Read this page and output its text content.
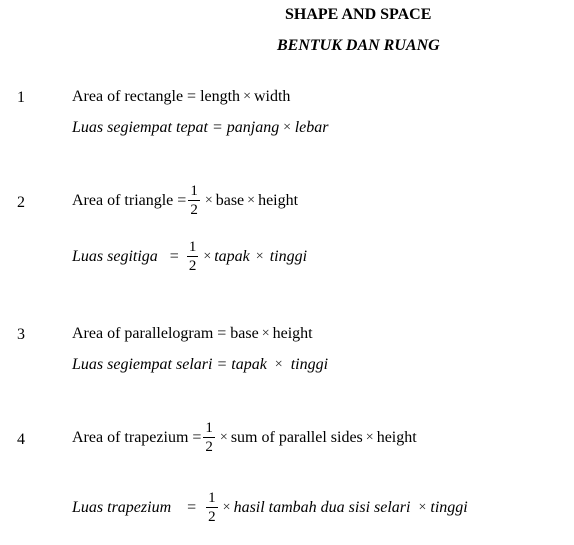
SHAPE AND SPACE
BENTUK DAN RUANG
1	Area of rectangle = length × width
Luas segiempat tepat = panjang × lebar
2	Area of triangle = $\frac{1}{2}$ × base × height
Luas segitiga = $\frac{1}{2}$ × tapak × tinggi
3	Area of parallelogram = base × height
Luas segiempat selari = tapak × tinggi
4	Area of trapezium = $\frac{1}{2}$ × sum of parallel sides × height
Luas trapezium = $\frac{1}{2}$ × hasil tambah dua sisi selari × tinggi
